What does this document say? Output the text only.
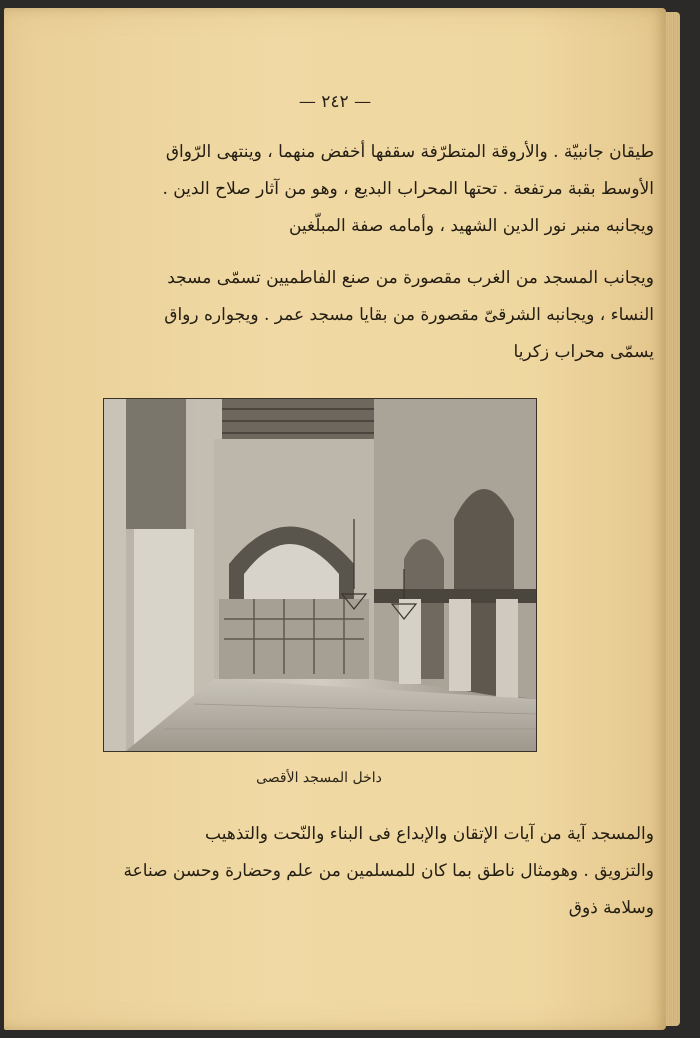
— ٢٤٢ —
طيقان جانبيّة . والأروقة المتطرّفة سقفها أخفض منهما ، وينتهى الرّواق
الأوسط بقبة مرتفعة . تحتها المحراب البديع ، وهو من آثار صلاح الدين .
ويجانبه منبر نور الدين الشهيد ، وأمامه صفة المبلّغين
ويجانب المسجد من الغرب مقصورة من صنع الفاطميين تسمّى مسجد
النساء ، ويجانبه الشرقىّ مقصورة من بقايا مسجد عمر . ويجواره رواق
يسمّى محراب زكريا
داخل المسجد الأقصى
والمسجد آية من آيات الإتقان والإبداع فى البناء والنّحت والتذهيب
والتزويق . وهومثال ناطق بما كان للمسلمين من علم وحضارة وحسن صناعة
وسلامة ذوق
